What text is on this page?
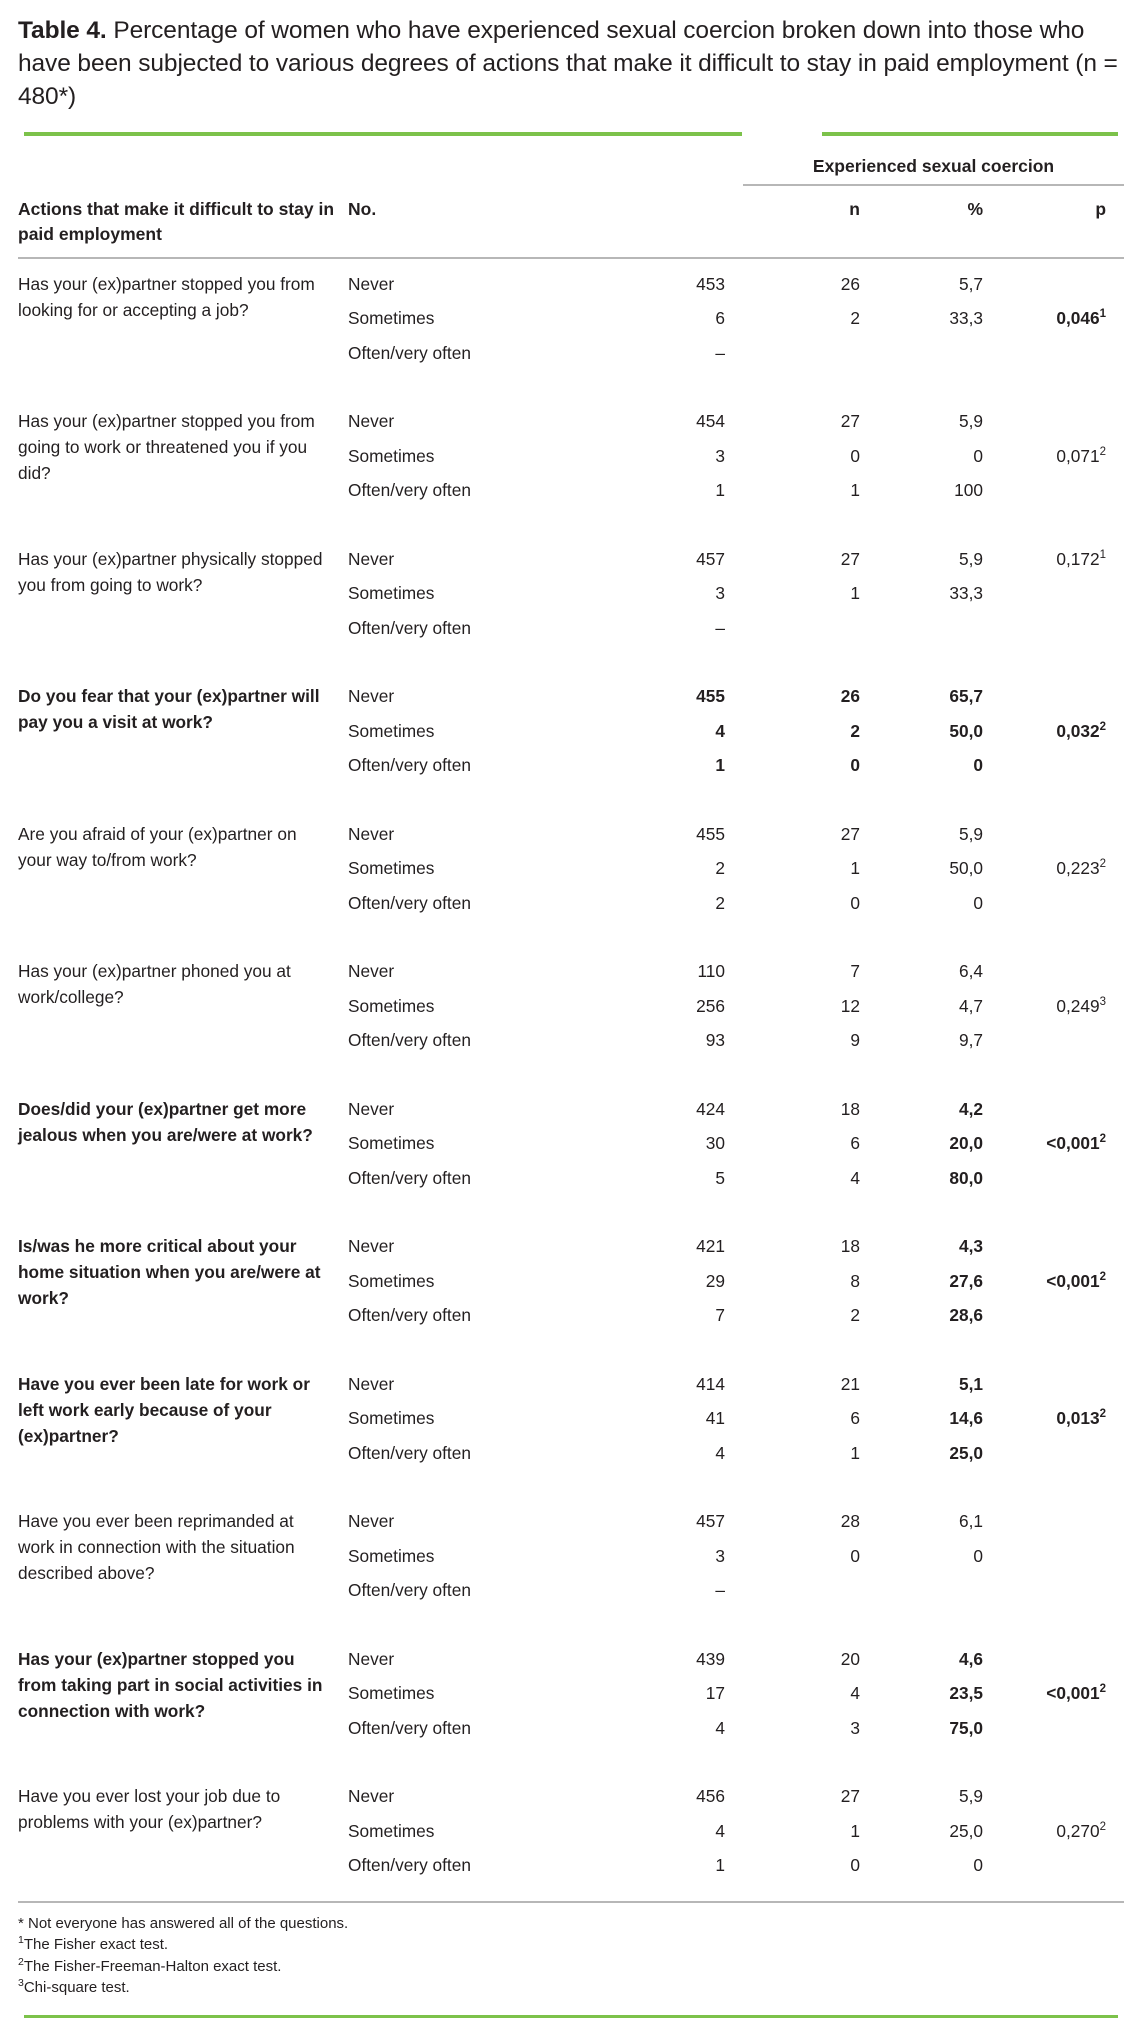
Table 4. Percentage of women who have experienced sexual coercion broken down into those who have been subjected to various degrees of actions that make it difficult to stay in paid employment (n = 480*)
			Experienced sexual coercion		

Actions that make it difficult to stay in paid employment	No.		n	%	p

Has your (ex)partner stopped you from looking for or accepting a job?	Never	453	26	5,7	
	Sometimes	6	2	33,3	0,046$^1$
	Often/very often	–			

Has your (ex)partner stopped you from going to work or threatened you if you did?	Never	454	27	5,9	
	Sometimes	3	0	0	0,071$^2$
	Often/very often	1	1	100	

Has your (ex)partner physically stopped you from going to work?	Never	457	27	5,9	0,172$^1$
	Sometimes	3	1	33,3	
	Often/very often	–			

Do you fear that your (ex)partner will pay you a visit at work?	Never	455	26	65,7	
	Sometimes	4	2	50,0	0,032$^2$
	Often/very often	1	0	0	

Are you afraid of your (ex)partner on your way to/from work?	Never	455	27	5,9	
	Sometimes	2	1	50,0	0,223$^2$
	Often/very often	2	0	0	

Has your (ex)partner phoned you at work/college?	Never	110	7	6,4	
	Sometimes	256	12	4,7	0,249$^3$
	Often/very often	93	9	9,7	

Does/did your (ex)partner get more jealous when you are/were at work?	Never	424	18	4,2	
	Sometimes	30	6	20,0	$<0,001^2$
	Often/very often	5	4	80,0	

Is/was he more critical about your home situation when you are/were at work?	Never	421	18	4,3	
	Sometimes	29	8	27,6	$<0,001^2$
	Often/very often	7	2	28,6	

Have you ever been late for work or left work early because of your (ex)partner?	Never	414	21	5,1	
	Sometimes	41	6	14,6	0,013$^2$
	Often/very often	4	1	25,0	

Have you ever been reprimanded at work in connection with the situation described above?	Never	457	28	6,1	
	Sometimes	3	0	0	
	Often/very often	–			

Has your (ex)partner stopped you from taking part in social activities in connection with work?	Never	439	20	4,6	
	Sometimes	17	4	23,5	$<0,001^2$
	Often/very often	4	3	75,0	

Have you ever lost your job due to problems with your (ex)partner?	Never	456	27	5,9	
	Sometimes	4	1	25,0	0,270$^2$
	Often/very often	1	0	0	
* Not everyone has answered all of the questions.
$^1$The Fisher exact test.
$^2$The Fisher-Freeman-Halton exact test.
$^3$Chi-square test.
